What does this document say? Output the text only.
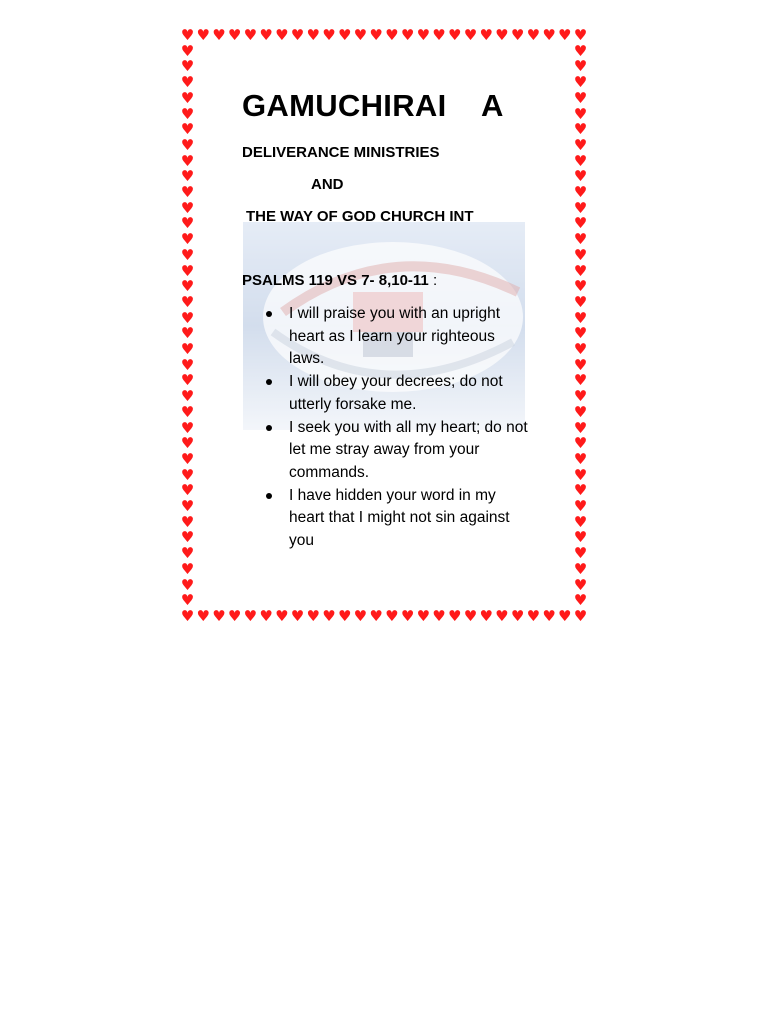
♥
♥
♥
♥
♥
♥
♥
♥
♥
♥
♥
♥
♥
♥
♥
♥
♥
♥
♥
♥
♥
♥
♥
♥
♥
♥
♥
♥
♥
♥
♥
♥
♥
♥
♥
♥
♥
♥
♥
♥
♥
♥
♥
♥
♥
♥
♥
♥
♥
♥
♥
♥
♥	♥
♥	♥
♥	♥
♥	♥
♥	♥
♥	♥
♥	♥
♥	♥
♥	♥
♥	♥
♥	♥
♥	♥
♥	♥
♥	♥
♥	♥
♥	♥
♥	♥
♥	♥
♥	♥
♥	♥
♥	♥
♥	♥
♥	♥
♥	♥
♥	♥
♥	♥
♥	♥
♥	♥
♥	♥
♥	♥
♥	♥
♥	♥
♥	♥
♥	♥
♥	♥
♥	♥
GAMUCHIRAI    A
DELIVERANCE MINISTRIES
AND
THE WAY OF GOD CHURCH INT
PSALMS 119 VS 7- 8,10-11 :
I will praise you with an upright heart as I learn your righteous laws.
I will obey your decrees; do not utterly forsake me.
I seek you with all my heart; do not let me stray away from your commands.
I have hidden your word in my heart that I might not sin against you
